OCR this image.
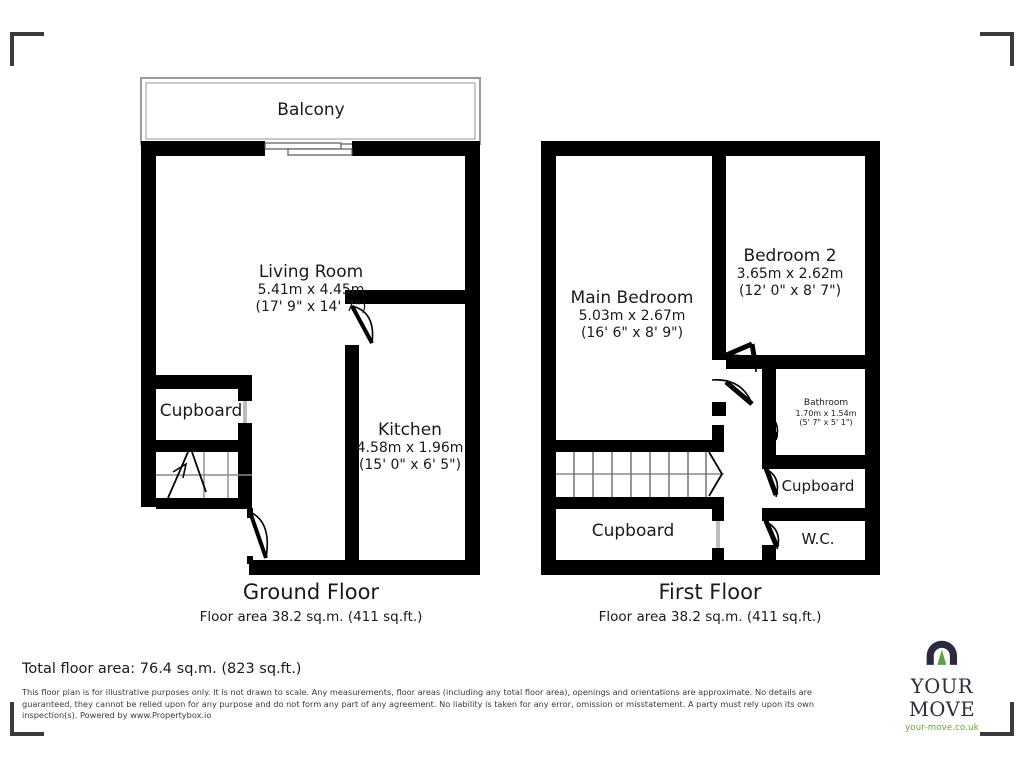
Balcony
Living Room
5.41m x 4.45m
(17' 9" x 14' 7")
Kitchen
4.58m x 1.96m
(15' 0" x 6' 5")
Cupboard
Main Bedroom
5.03m x 2.67m
(16' 6" x 8' 9")
Bedroom 2
3.65m x 2.62m
(12' 0" x 8' 7")
Bathroom
1.70m x 1.54m
(5' 7" x 5' 1")
Cupboard
Cupboard
W.C.
Ground Floor
Floor area 38.2 sq.m. (411 sq.ft.)
First Floor
Floor area 38.2 sq.m. (411 sq.ft.)
Total floor area: 76.4 sq.m. (823 sq.ft.)
This floor plan is for illustrative purposes only. It is not drawn to scale. Any measurements, floor areas (including any total floor area), openings and orientations are approximate. No details are guaranteed, they cannot be relied upon for any purpose and do not form any part of any agreement. No liability is taken for any error, omission or misstatement. A party must rely upon its own inspection(s). Powered by www.Propertybox.io
YOUR MOVE
your-move.co.uk
